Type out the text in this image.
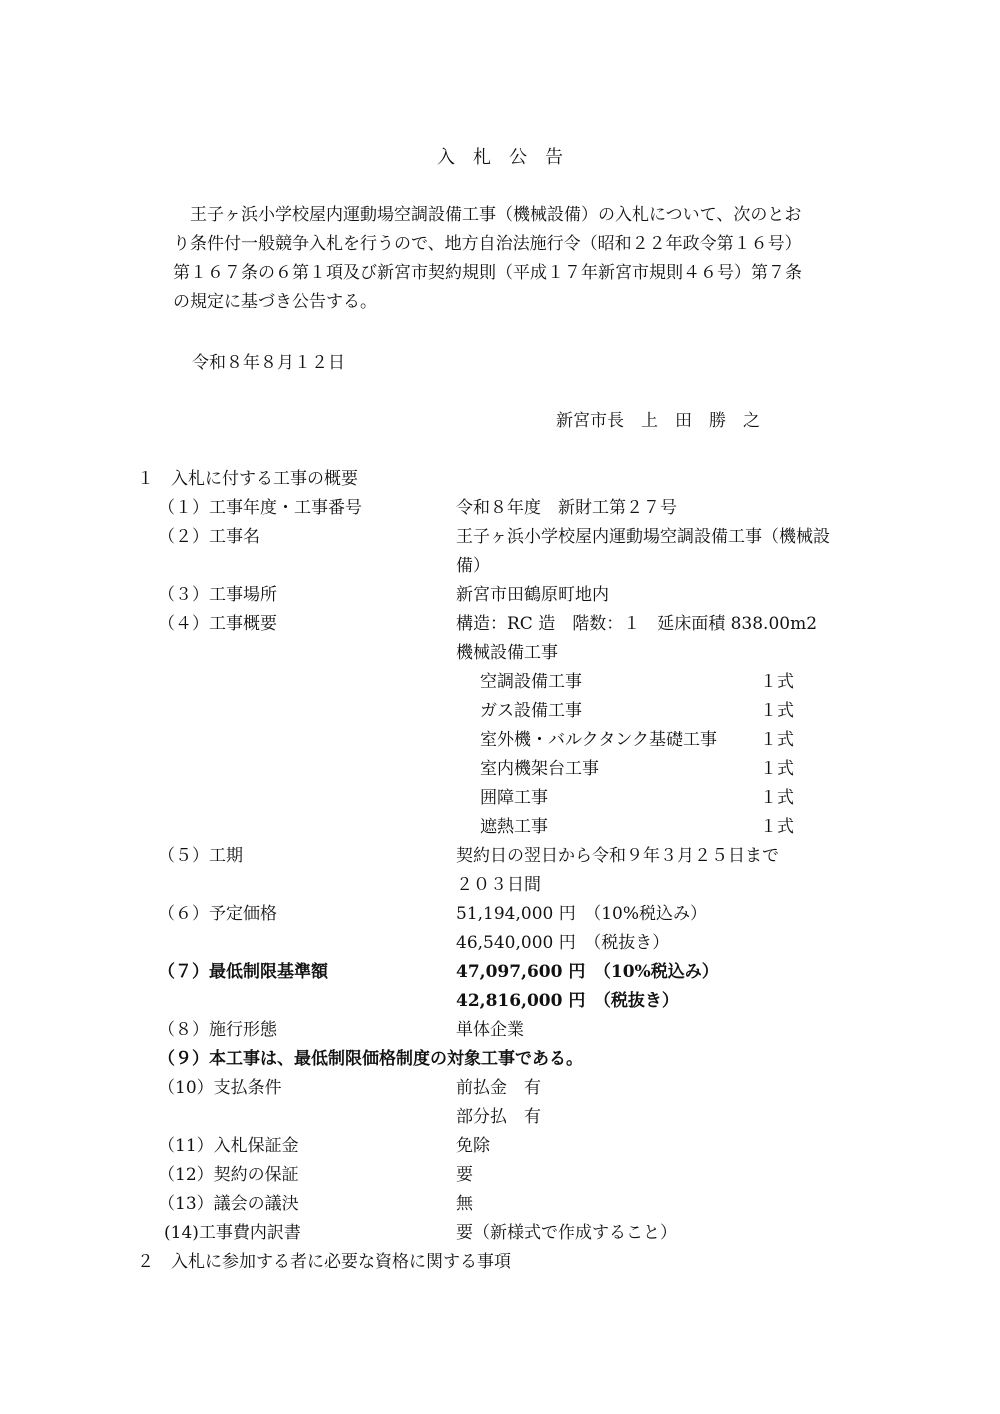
入　札　公　告
　王子ヶ浜小学校屋内運動場空調設備工事（機械設備）の入札について、次のとお
り条件付一般競争入札を行うので、地方自治法施行令（昭和２２年政令第１６号）
第１６７条の６第１項及び新宮市契約規則（平成１７年新宮市規則４６号）第７条
の規定に基づき公告する。
令和８年８月１２日
新宮市長　上　田　勝　之
１　入札に付する工事の概要
（１）工事年度・工事番号	令和８年度　新財工第２７号
（２）工事名	王子ヶ浜小学校屋内運動場空調設備工事（機械設
備）
（３）工事場所	新宮市田鶴原町地内
（４）工事概要	構造：RC 造　階数：１　延床面積 838.00m2
機械設備工事
空調設備工事	１式
ガス設備工事	１式
室外機・バルクタンク基礎工事	１式
室内機架台工事	１式
囲障工事	１式
遮熱工事	１式
（５）工期	契約日の翌日から令和９年３月２５日まで
２０３日間
（６）予定価格	51,194,000 円　（10%税込み）
46,540,000 円　（税抜き）
（７）最低制限基準額	47,097,600 円　（10%税込み）
42,816,000 円　（税抜き）
（８）施行形態	単体企業
（９）本工事は、最低制限価格制度の対象工事である。
（10）支払条件	前払金　有
部分払　有
（11）入札保証金	免除
（12）契約の保証	要
（13）議会の議決	無
(14)工事費内訳書	要（新様式で作成すること）
２　入札に参加する者に必要な資格に関する事項
